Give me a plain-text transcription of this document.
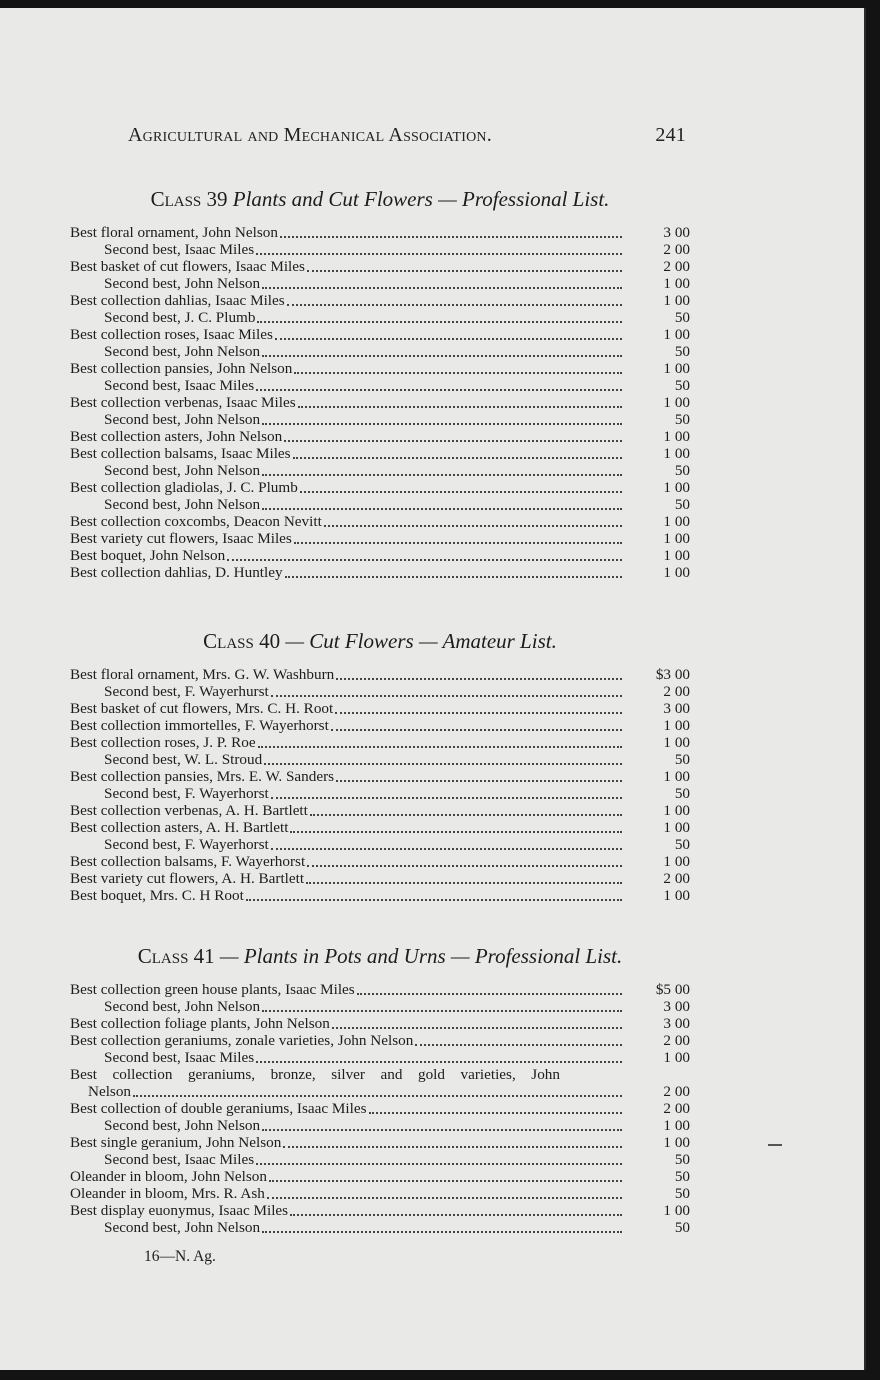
Agricultural and Mechanical Association.	241
Class 39 Plants and Cut Flowers — Professional List.
Best floral ornament, John Nelson	3 00
Second best, Isaac Miles	2 00
Best basket of cut flowers, Isaac Miles	2 00
Second best, John Nelson	1 00
Best collection dahlias, Isaac Miles	1 00
Second best, J. C. Plumb	50
Best collection roses, Isaac Miles	1 00
Second best, John Nelson	50
Best collection pansies, John Nelson	1 00
Second best, Isaac Miles	50
Best collection verbenas, Isaac Miles	1 00
Second best, John Nelson	50
Best collection asters, John Nelson	1 00
Best collection balsams, Isaac Miles	1 00
Second best, John Nelson	50
Best collection gladiolas, J. C. Plumb	1 00
Second best, John Nelson	50
Best collection coxcombs, Deacon Nevitt	1 00
Best variety cut flowers, Isaac Miles	1 00
Best boquet, John Nelson	1 00
Best collection dahlias, D. Huntley	1 00
Class 40 — Cut Flowers — Amateur List.
Best floral ornament, Mrs. G. W. Washburn	$3 00
Second best, F. Wayerhurst	2 00
Best basket of cut flowers, Mrs. C. H. Root	3 00
Best collection immortelles, F. Wayerhorst	1 00
Best collection roses, J. P. Roe	1 00
Second best, W. L. Stroud	50
Best collection pansies, Mrs. E. W. Sanders	1 00
Second best, F. Wayerhorst	50
Best collection verbenas, A. H. Bartlett	1 00
Best collection asters, A. H. Bartlett	1 00
Second best, F. Wayerhorst	50
Best collection balsams, F. Wayerhorst	1 00
Best variety cut flowers, A. H. Bartlett	2 00
Best boquet, Mrs. C. H Root	1 00
Class 41 — Plants in Pots and Urns — Professional List.
Best collection green house plants, Isaac Miles	$5 00
Second best, John Nelson	3 00
Best collection foliage plants, John Nelson	3 00
Best collection geraniums, zonale varieties, John Nelson	2 00
Second best, Isaac Miles	1 00
Best collection geraniums, bronze, silver and gold varieties, John
Nelson	2 00
Best collection of double geraniums, Isaac Miles	2 00
Second best, John Nelson	1 00
Best single geranium, John Nelson	1 00
Second best, Isaac Miles	50
Oleander in bloom, John Nelson	50
Oleander in bloom, Mrs. R. Ash	50
Best display euonymus, Isaac Miles	1 00
Second best, John Nelson	50
16—N. Ag.
